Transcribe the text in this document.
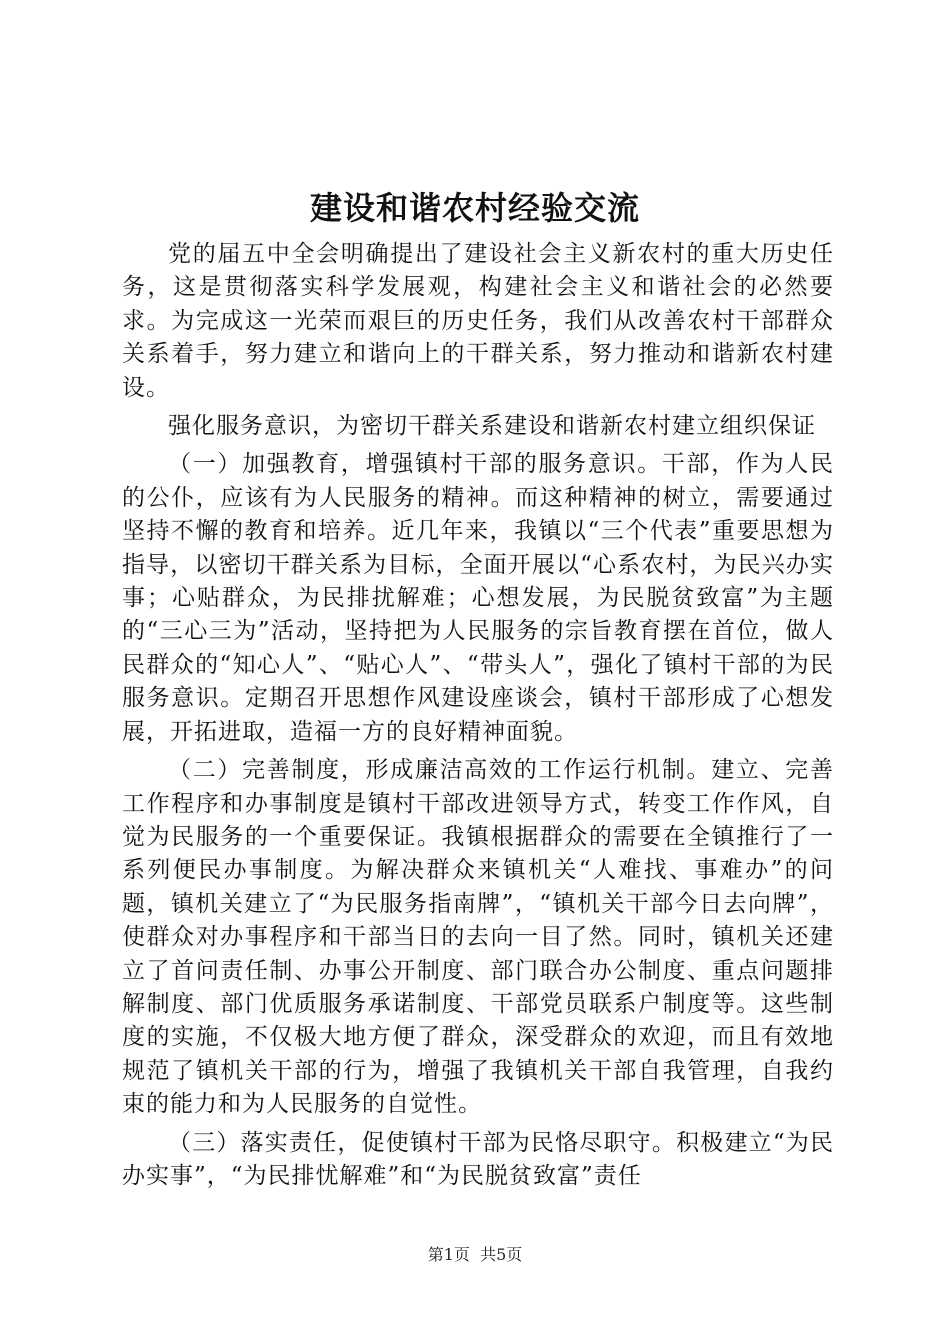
建设和谐农村经验交流

党的届五中全会明确提出了建设社会主义新农村的重大历史任务，这是贯彻落实科学发展观，构建社会主义和谐社会的必然要求。为完成这一光荣而艰巨的历史任务，我们从改善农村干部群众关系着手，努力建立和谐向上的干群关系，努力推动和谐新农村建设。

强化服务意识，为密切干群关系建设和谐新农村建立组织保证

（一）加强教育，增强镇村干部的服务意识。干部，作为人民的公仆，应该有为人民服务的精神。而这种精神的树立，需要通过坚持不懈的教育和培养。近几年来，我镇以“三个代表”重要思想为指导，以密切干群关系为目标，全面开展以“心系农村，为民兴办实事；心贴群众，为民排扰解难；心想发展，为民脱贫致富”为主题的“三心三为”活动，坚持把为人民服务的宗旨教育摆在首位，做人民群众的“知心人”、“贴心人”、“带头人”，强化了镇村干部的为民服务意识。定期召开思想作风建设座谈会，镇村干部形成了心想发展，开拓进取，造福一方的良好精神面貌。

（二）完善制度，形成廉洁高效的工作运行机制。建立、完善工作程序和办事制度是镇村干部改进领导方式，转变工作作风，自觉为民服务的一个重要保证。我镇根据群众的需要在全镇推行了一系列便民办事制度。为解决群众来镇机关“人难找、事难办”的问题，镇机关建立了“为民服务指南牌”，“镇机关干部今日去向牌”，使群众对办事程序和干部当日的去向一目了然。同时，镇机关还建立了首问责任制、办事公开制度、部门联合办公制度、重点问题排解制度、部门优质服务承诺制度、干部党员联系户制度等。这些制度的实施，不仅极大地方便了群众，深受群众的欢迎，而且有效地规范了镇机关干部的行为，增强了我镇机关干部自我管理，自我约束的能力和为人民服务的自觉性。

（三）落实责任，促使镇村干部为民恪尽职守。积极建立“为民办实事”，“为民排忧解难”和“为民脱贫致富”责任

第1页  共5页
